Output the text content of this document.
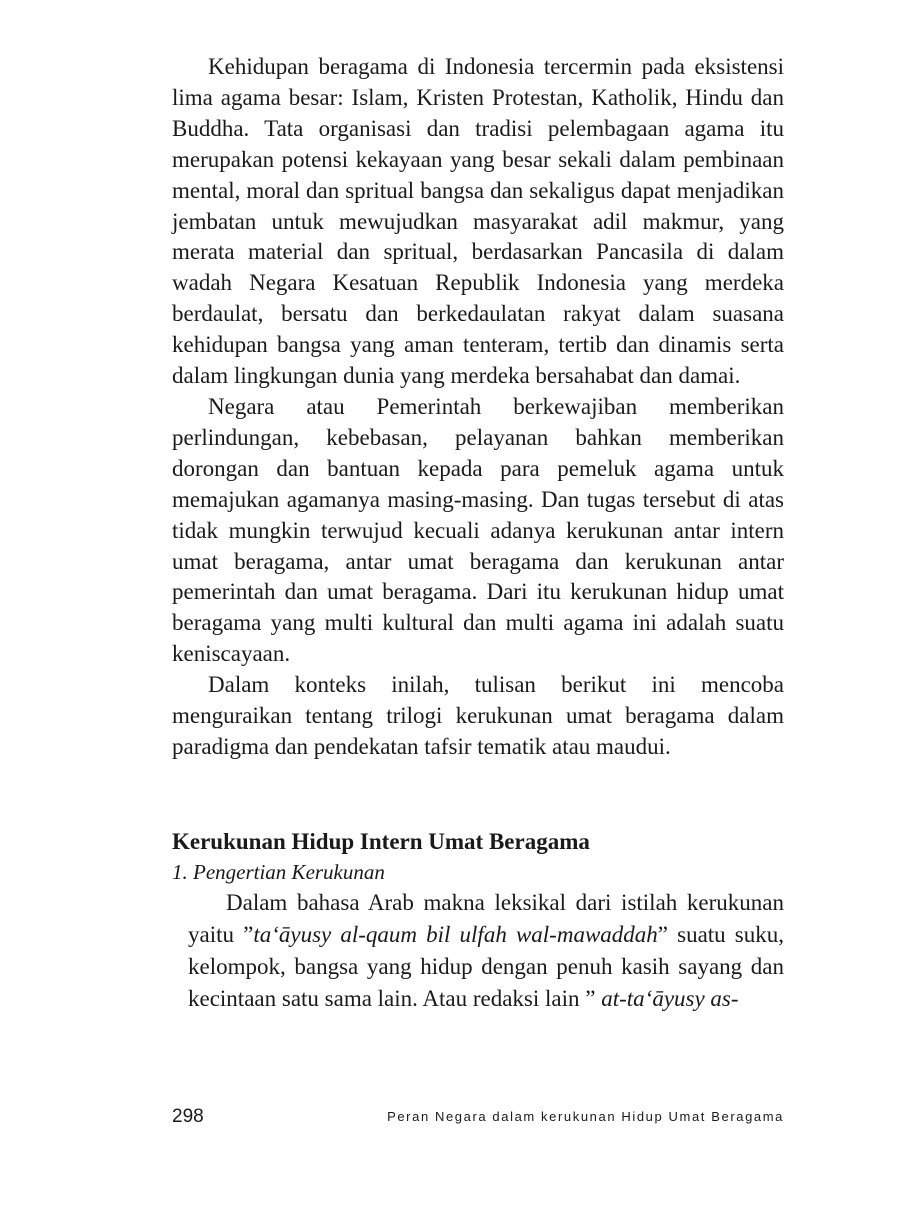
Kehidupan beragama di Indonesia tercermin pada eksistensi lima agama besar: Islam, Kristen Protestan, Katholik, Hindu dan Buddha. Tata organisasi dan tradisi pelembagaan agama itu merupakan potensi kekayaan yang besar sekali dalam pembinaan mental, moral dan spritual bangsa dan sekaligus dapat menjadikan jembatan untuk mewujudkan masyarakat adil makmur, yang merata material dan spritual, berdasarkan Pancasila di dalam wadah Negara Kesatuan Republik Indonesia yang merdeka berdaulat, bersatu dan berkedaulatan rakyat dalam suasana kehidupan bangsa yang aman tenteram, tertib dan dinamis serta dalam lingkungan dunia yang merdeka bersahabat dan damai.

Negara atau Pemerintah berkewajiban memberikan perlindungan, kebebasan, pelayanan bahkan memberikan dorongan dan bantuan kepada para pemeluk agama untuk memajukan agamanya masing-masing. Dan tugas tersebut di atas tidak mungkin terwujud kecuali adanya kerukunan antar intern umat beragama, antar umat beragama dan kerukunan antar pemerintah dan umat beragama. Dari itu kerukunan hidup umat beragama yang multi kultural dan multi agama ini adalah suatu keniscayaan.

Dalam konteks inilah, tulisan berikut ini mencoba menguraikan tentang trilogi kerukunan umat beragama dalam paradigma dan pendekatan tafsir tematik atau maudui.

Kerukunan Hidup Intern Umat Beragama

1. Pengertian Kerukunan

Dalam bahasa Arab makna leksikal dari istilah kerukunan yaitu ”ta‘āyusy al-qaum bil ulfah wal-mawaddah” suatu suku, kelompok, bangsa yang hidup dengan penuh kasih sayang dan kecintaan satu sama lain. Atau redaksi lain ” at-ta‘āyusy as-

298	Peran Negara dalam kerukunan Hidup Umat Beragama
